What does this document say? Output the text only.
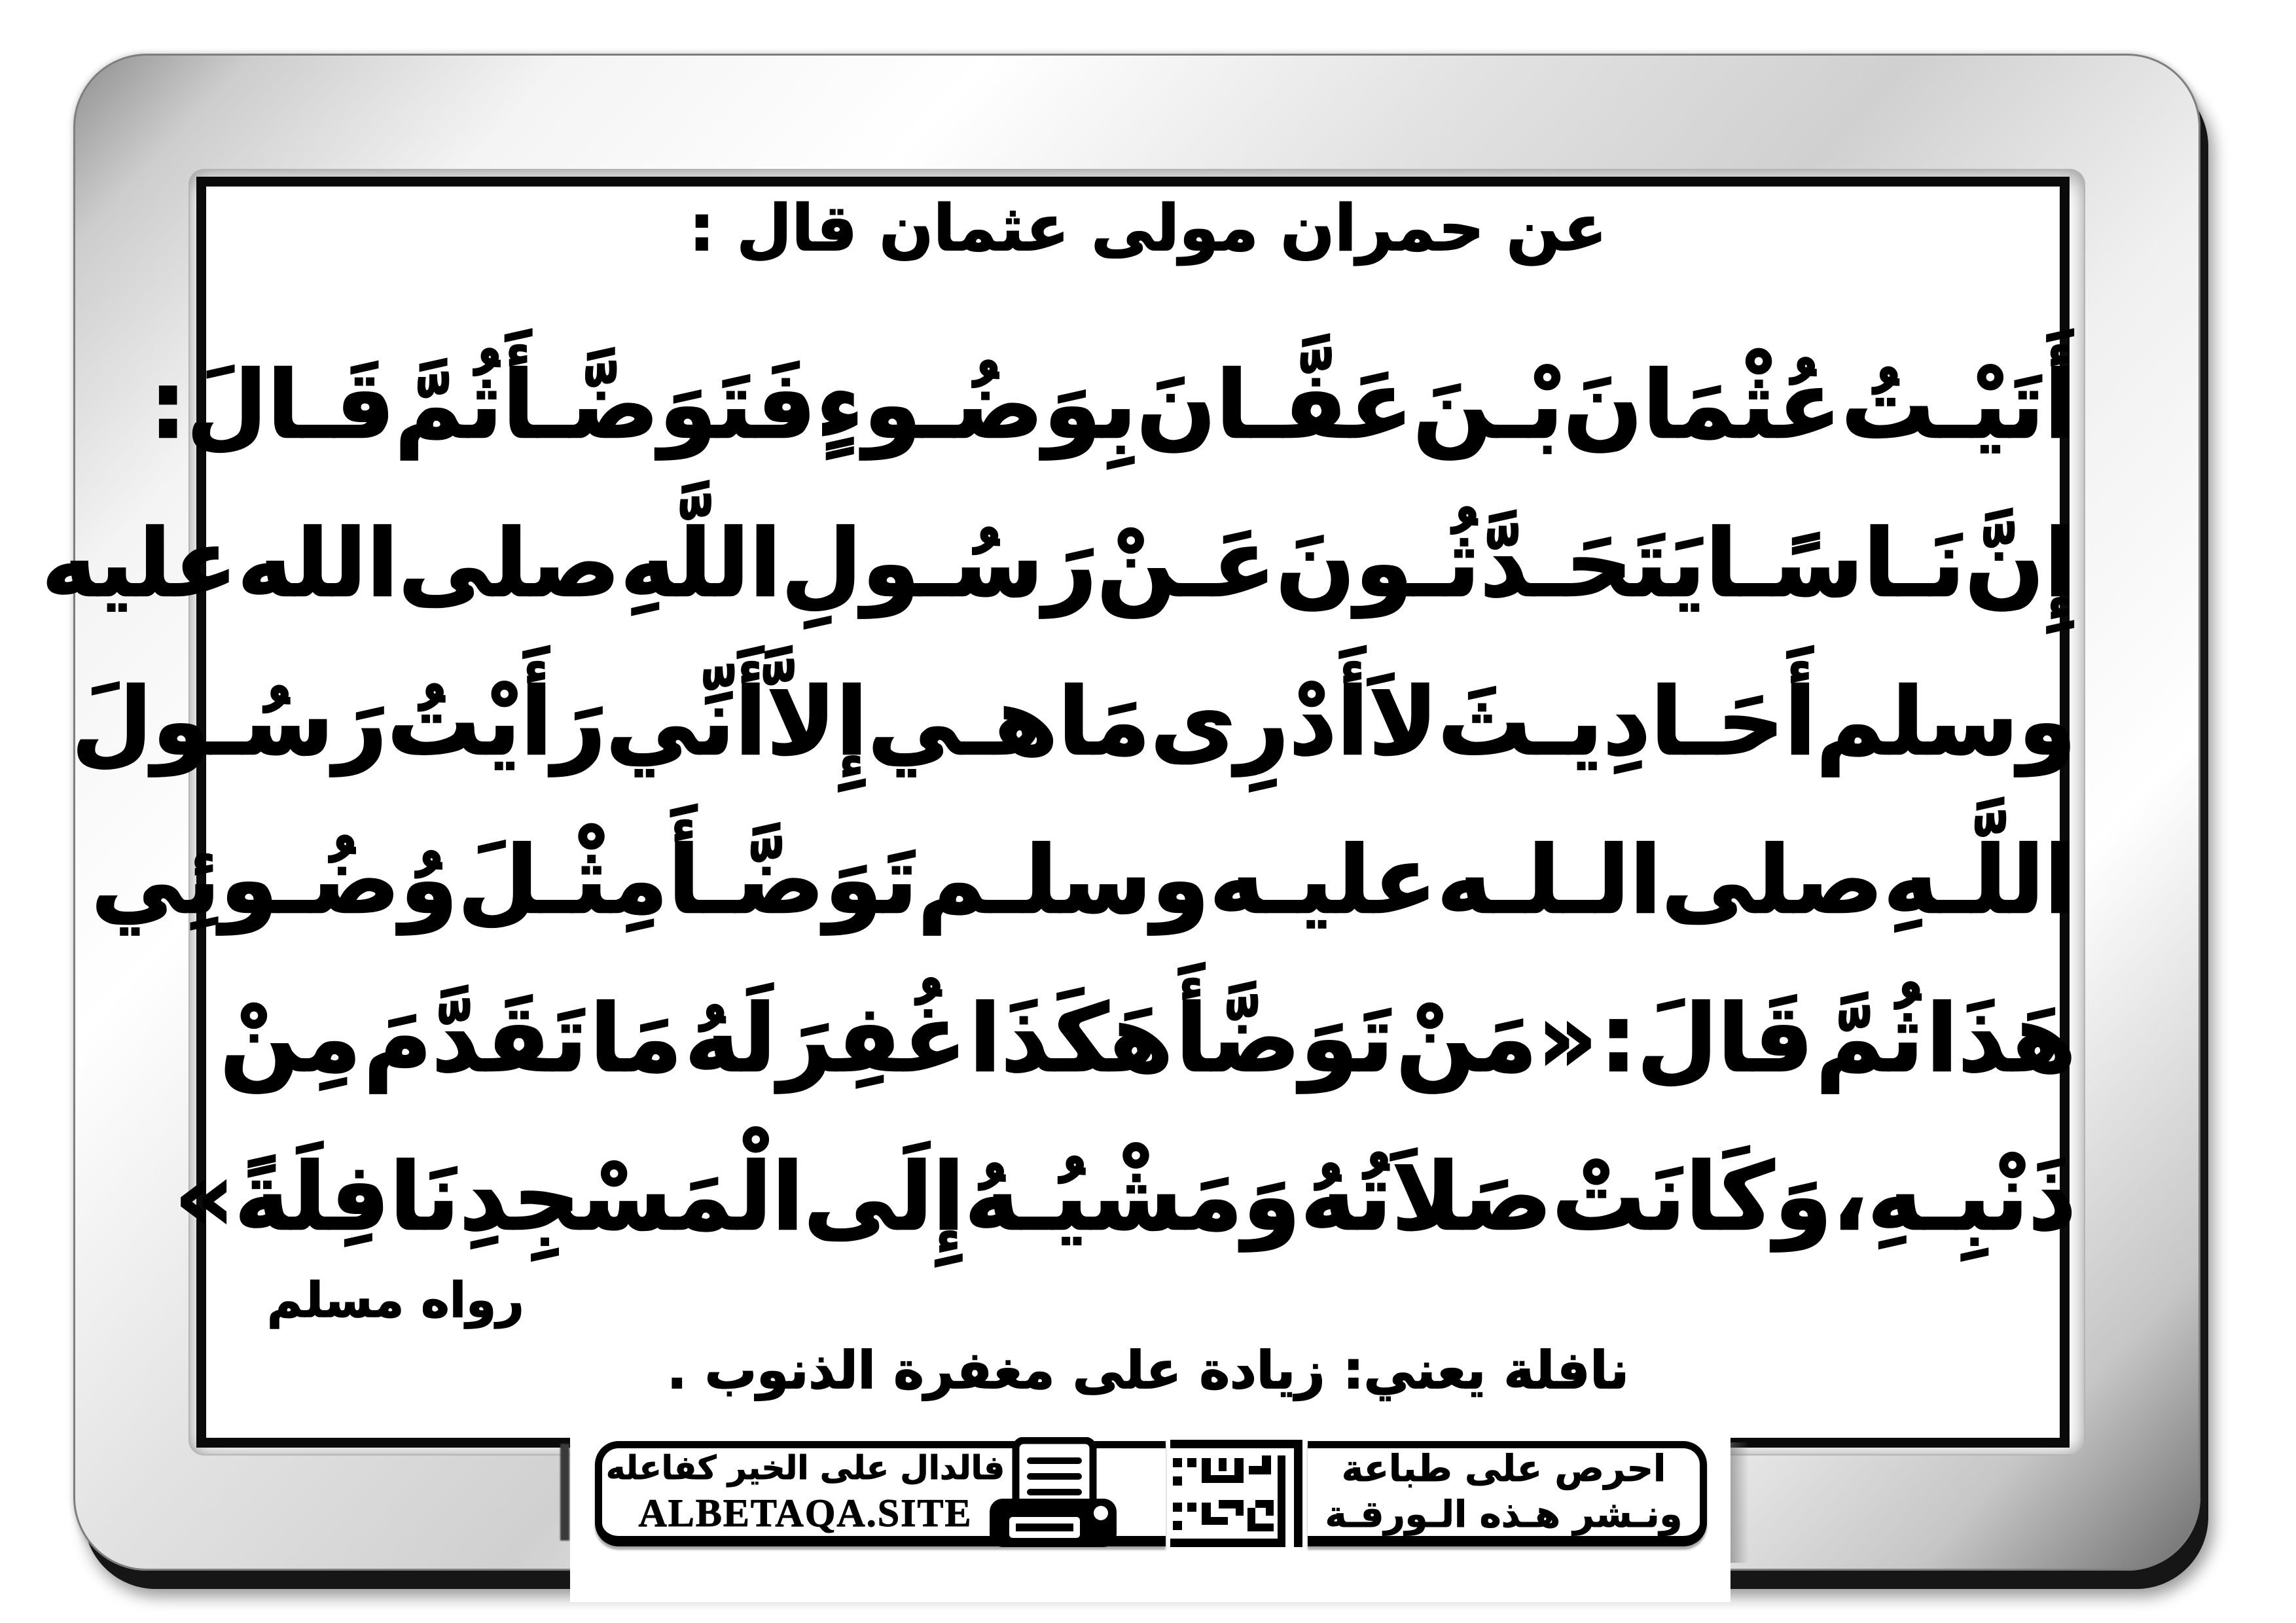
عن حمران مولى عثمان قال :
أَتَيْـتُ
عُثْمَانَ
بْـنَ
عَفَّـانَ
بِوَضُـوءٍ
فَتَوَضَّـأَ
ثُمَّ
قَـالَ:
إِنَّ
نَـاسًـا
يَتَحَـدَّثُـونَ
عَـنْ
رَسُـولِ
اللَّهِ
صلى
الله
عليه
وسلم
أَحَـادِيـثَ
لاَ
أَدْرِى
مَا
هـي
إِلاَّ
أَنِّي
رَأَيْتُ
رَسُـولَ
اللَّـهِ
صلى
الـلـه
عليـه
وسلـم
تَوَضَّـأَ
مِثْـلَ
وُضُـوئِي
هَذَا
ثُمَّ
قَالَ:
«مَنْ
تَوَضَّأَ
هَكَذَا
غُفِرَ
لَهُ
مَا
تَقَدَّمَ
مِنْ
ذَنْبِـهِ
،
وَكَانَتْ
صَلاَتُهُ
وَمَشْيُـهُ
إِلَى
الْمَسْجِدِ
نَافِلَةً
»
رواه مسلم
نافلة يعني: زيادة على مغفرة الذنوب .
فالدال على الخير كفاعله
ALBETAQA.SITE
احرص على طباعة
ونـشر هـذه الـورقـة
